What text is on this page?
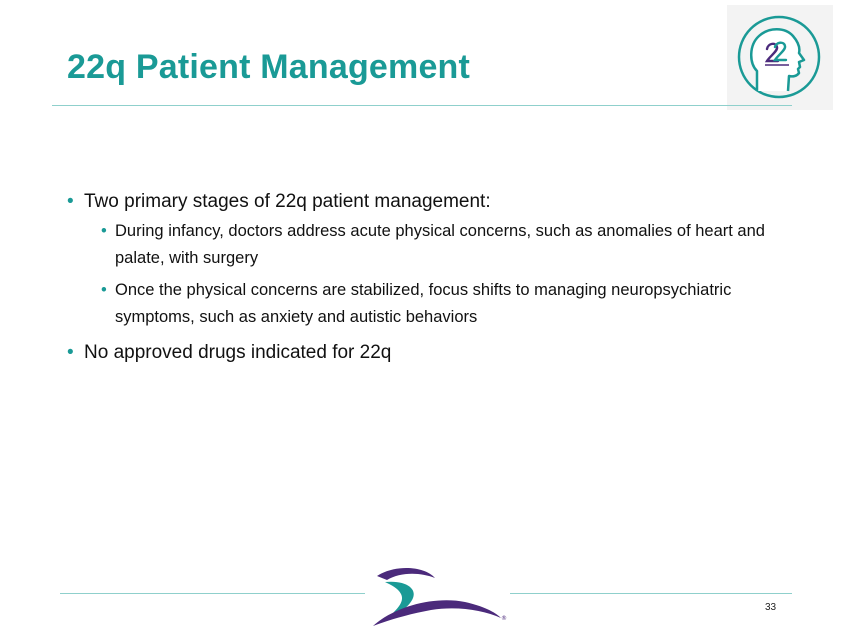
22q Patient Management
• Two primary stages of 22q patient management:
• During infancy, doctors address acute physical concerns, such as anomalies of heart and palate, with surgery
• Once the physical concerns are stabilized, focus shifts to managing neuropsychiatric symptoms, such as anxiety and autistic behaviors
• No approved drugs indicated for 22q
®
33
